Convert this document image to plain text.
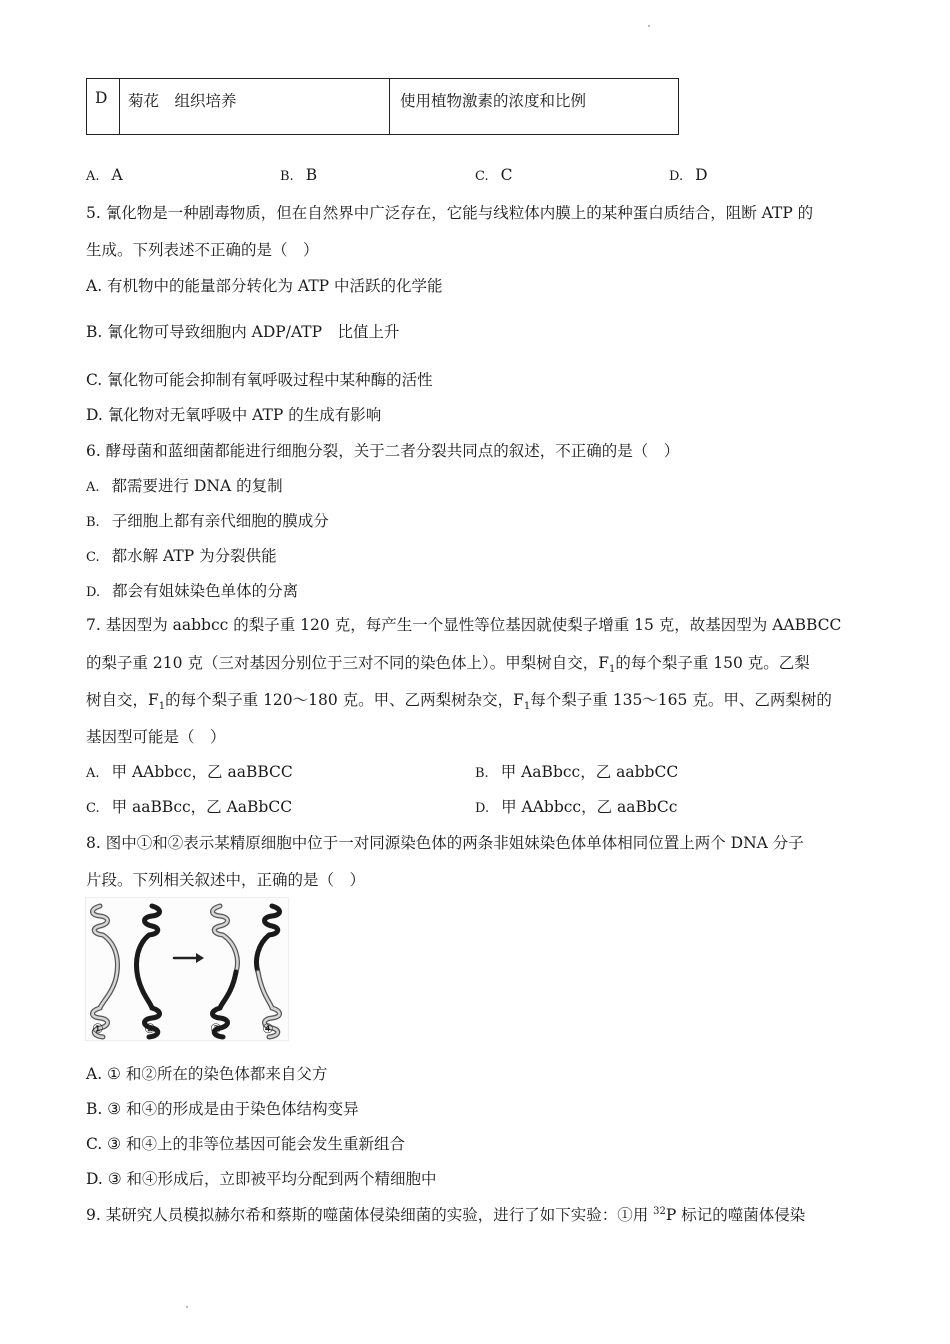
D	菊花　组织培养	使用植物激素的浓度和比例
A. A	B. B	C. C	D. D
5. 氰化物是一种剧毒物质，但在自然界中广泛存在，它能与线粒体内膜上的某种蛋白质结合，阻断 ATP 的
生成。下列表述不正确的是（　）
A. 有机物中的能量部分转化为 ATP 中活跃的化学能
B. 氰化物可导致细胞内 ADP/ATP　比值上升
C. 氰化物可能会抑制有氧呼吸过程中某种酶的活性
D. 氰化物对无氧呼吸中 ATP 的生成有影响
6. 酵母菌和蓝细菌都能进行细胞分裂，关于二者分裂共同点的叙述，不正确的是（　）
A. 都需要进行 DNA 的复制
B. 子细胞上都有亲代细胞的膜成分
C. 都水解 ATP 为分裂供能
D. 都会有姐妹染色单体的分离
7. 基因型为 aabbcc 的梨子重 120 克，每产生一个显性等位基因就使梨子增重 15 克，故基因型为 AABBCC
的梨子重 210 克（三对基因分别位于三对不同的染色体上）。甲梨树自交，$F_1$的每个梨子重 150 克。乙梨
树自交，$F_1$的每个梨子重 120～180 克。甲、乙两梨树杂交，$F_1$每个梨子重 135～165 克。甲、乙两梨树的
基因型可能是（　）
A. 甲 AAbbcc，乙 aaBBCC	B. 甲 AaBbcc，乙 aabbCC
C. 甲 aaBBcc，乙 AaBbCC	D. 甲 AAbbcc，乙 aaBbCc
8. 图中①和②表示某精原细胞中位于一对同源染色体的两条非姐妹染色体单体相同位置上两个 DNA 分子
片段。下列相关叙述中，正确的是（　）
①	②	③	④
A. ① 和②所在的染色体都来自父方
B. ③ 和④的形成是由于染色体结构变异
C. ③ 和④上的非等位基因可能会发生重新组合
D. ③ 和④形成后，立即被平均分配到两个精细胞中
9. 某研究人员模拟赫尔希和蔡斯的噬菌体侵染细菌的实验，进行了如下实验：①用 $^{32}$P 标记的噬菌体侵染
